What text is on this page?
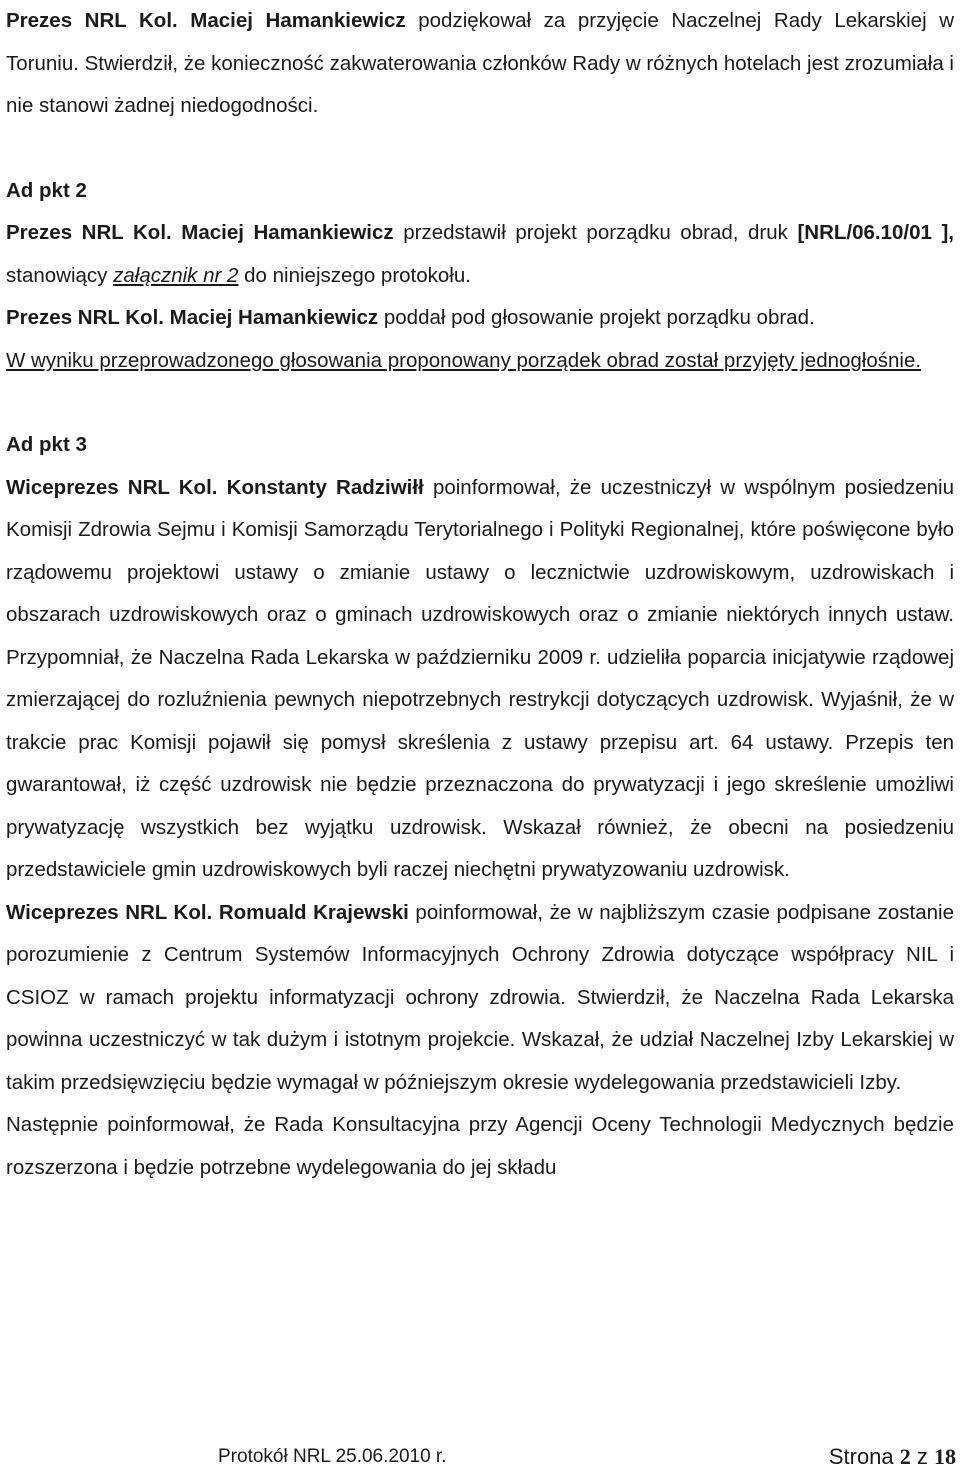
Prezes NRL Kol. Maciej Hamankiewicz podziękował za przyjęcie Naczelnej Rady Lekarskiej w Toruniu. Stwierdził, że konieczność zakwaterowania członków Rady w różnych hotelach jest zrozumiała i nie stanowi żadnej niedogodności.

Ad pkt 2

Prezes NRL Kol. Maciej Hamankiewicz przedstawił projekt porządku obrad, druk [NRL/06.10/01 ], stanowiący załącznik nr 2 do niniejszego protokołu.

Prezes NRL Kol. Maciej Hamankiewicz poddał pod głosowanie projekt porządku obrad.

W wyniku przeprowadzonego głosowania proponowany porządek obrad został przyjęty jednogłośnie.

Ad pkt 3

Wiceprezes NRL Kol. Konstanty Radziwiłł poinformował, że uczestniczył w wspólnym posiedzeniu Komisji Zdrowia Sejmu i Komisji Samorządu Terytorialnego i Polityki Regionalnej, które poświęcone było rządowemu projektowi ustawy o zmianie ustawy o lecznictwie uzdrowiskowym, uzdrowiskach i obszarach uzdrowiskowych oraz o gminach uzdrowiskowych oraz o zmianie niektórych innych ustaw. Przypomniał, że Naczelna Rada Lekarska w październiku 2009 r. udzieliła poparcia inicjatywie rządowej zmierzającej do rozluźnienia pewnych niepotrzebnych restrykcji dotyczących uzdrowisk. Wyjaśnił, że w trakcie prac Komisji pojawił się pomysł skreślenia z ustawy przepisu art. 64 ustawy. Przepis ten gwarantował, iż część uzdrowisk nie będzie przeznaczona do prywatyzacji i jego skreślenie umożliwi prywatyzację wszystkich bez wyjątku uzdrowisk. Wskazał również, że obecni na posiedzeniu przedstawiciele gmin uzdrowiskowych byli raczej niechętni prywatyzowaniu uzdrowisk.

Wiceprezes NRL Kol. Romuald Krajewski poinformował, że w najbliższym czasie podpisane zostanie porozumienie z Centrum Systemów Informacyjnych Ochrony Zdrowia dotyczące współpracy NIL i CSIOZ w ramach projektu informatyzacji ochrony zdrowia. Stwierdził, że Naczelna Rada Lekarska powinna uczestniczyć w tak dużym i istotnym projekcie. Wskazał, że udział Naczelnej Izby Lekarskiej w takim przedsięwzięciu będzie wymagał w późniejszym okresie wydelegowania przedstawicieli Izby.

Następnie poinformował, że Rada Konsultacyjna przy Agencji Oceny Technologii Medycznych będzie rozszerzona i będzie potrzebne wydelegowania do jej składu

Protokół NRL 25.06.2010 r.	Strona 2 z 18
